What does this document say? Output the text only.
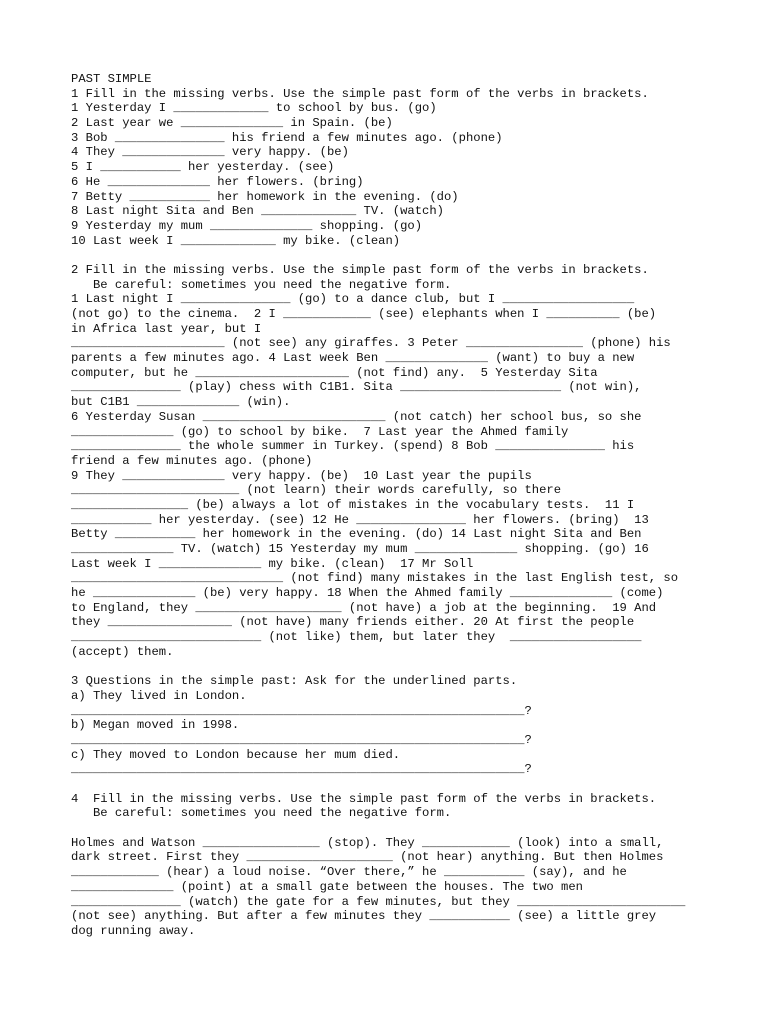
PAST SIMPLE
1 Fill in the missing verbs. Use the simple past form of the verbs in brackets.
1 Yesterday I _____________ to school by bus. (go)
2 Last year we ______________ in Spain. (be)
3 Bob _______________ his friend a few minutes ago. (phone)
4 They ______________ very happy. (be)
5 I ___________ her yesterday. (see)
6 He ______________ her flowers. (bring)
7 Betty ___________ her homework in the evening. (do)
8 Last night Sita and Ben _____________ TV. (watch)
9 Yesterday my mum ______________ shopping. (go)
10 Last week I _____________ my bike. (clean)
2 Fill in the missing verbs. Use the simple past form of the verbs in brackets.
Be careful: sometimes you need the negative form.
1 Last night I _______________ (go) to a dance club, but I __________________
(not go) to the cinema.  2 I ____________ (see) elephants when I __________ (be)
in Africa last year, but I
_____________________ (not see) any giraffes. 3 Peter ________________ (phone) his
parents a few minutes ago. 4 Last week Ben ______________ (want) to buy a new
computer, but he _____________________ (not find) any.  5 Yesterday Sita
_______________ (play) chess with C1B1. Sita ______________________ (not win),
but C1B1 ______________ (win).
6 Yesterday Susan _________________________ (not catch) her school bus, so she
______________ (go) to school by bike.  7 Last year the Ahmed family
_______________ the whole summer in Turkey. (spend) 8 Bob _______________ his
friend a few minutes ago. (phone)
9 They ______________ very happy. (be)  10 Last year the pupils
_______________________ (not learn) their words carefully, so there
________________ (be) always a lot of mistakes in the vocabulary tests.  11 I
___________ her yesterday. (see) 12 He _______________ her flowers. (bring)  13
Betty ___________ her homework in the evening. (do) 14 Last night Sita and Ben
______________ TV. (watch) 15 Yesterday my mum ______________ shopping. (go) 16
Last week I ______________ my bike. (clean)  17 Mr Soll
_____________________________ (not find) many mistakes in the last English test, so
he ______________ (be) very happy. 18 When the Ahmed family ______________ (come)
to England, they ____________________ (not have) a job at the beginning.  19 And
they _________________ (not have) many friends either. 20 At first the people
__________________________ (not like) them, but later they  __________________
(accept) them.
3 Questions in the simple past: Ask for the underlined parts.
a) They lived in London.
______________________________________________________________?
b) Megan moved in 1998.
______________________________________________________________?
c) They moved to London because her mum died.
______________________________________________________________?
4  Fill in the missing verbs. Use the simple past form of the verbs in brackets.
Be careful: sometimes you need the negative form.
Holmes and Watson ________________ (stop). They ____________ (look) into a small,
dark street. First they ____________________ (not hear) anything. But then Holmes
____________ (hear) a loud noise. “Over there,” he ___________ (say), and he
______________ (point) at a small gate between the houses. The two men
_______________ (watch) the gate for a few minutes, but they _______________________
(not see) anything. But after a few minutes they ___________ (see) a little grey
dog running away.
